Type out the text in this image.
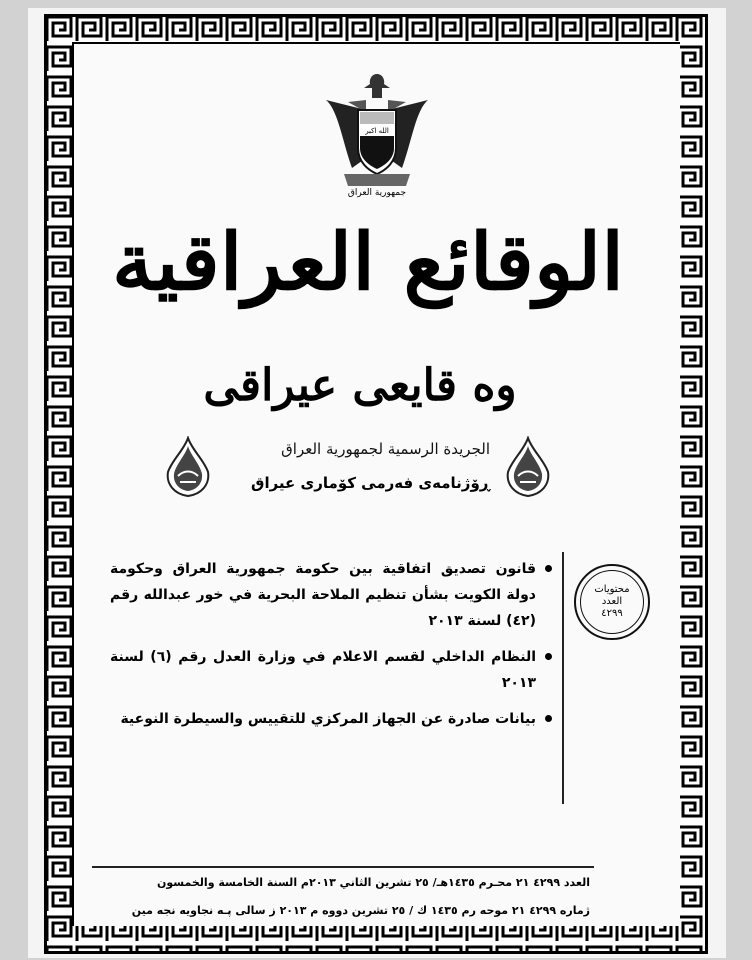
الله اكبر
جمهورية العراق
الوقائع العراقية
وه قايعى عيراقى
الجريدة الرسمية لجمهورية العراق
ڕۆژنامەی فەرمی کۆماری عیراق
محتويات
العدد
٤٢٩٩
قانون تصديق اتفاقية بين حكومة جمهورية العراق وحكومة دولة الكويت بشأن تنظيم الملاحة البحرية في خور عبدالله رقم (٤٢) لسنة ٢٠١٣
النظام الداخلي لقسم الاعلام في وزارة العدل رقم (٦) لسنة ٢٠١٣
بيانات صادرة عن الجهاز المركزي للتقييس والسيطرة النوعية
العدد ٤٢٩٩ ٢١ محـرم ١٤٣٥هـ/ ٢٥ تشرين الثاني ٢٠١٣م السنة الخامسة والخمسون
ژماره ٤٢٩٩ ٢١ موحه رم ١٤٣٥ ك / ٢٥ تشرين دووه م ٢٠١٣ ز سالى پـه نجاويه نجه مين
